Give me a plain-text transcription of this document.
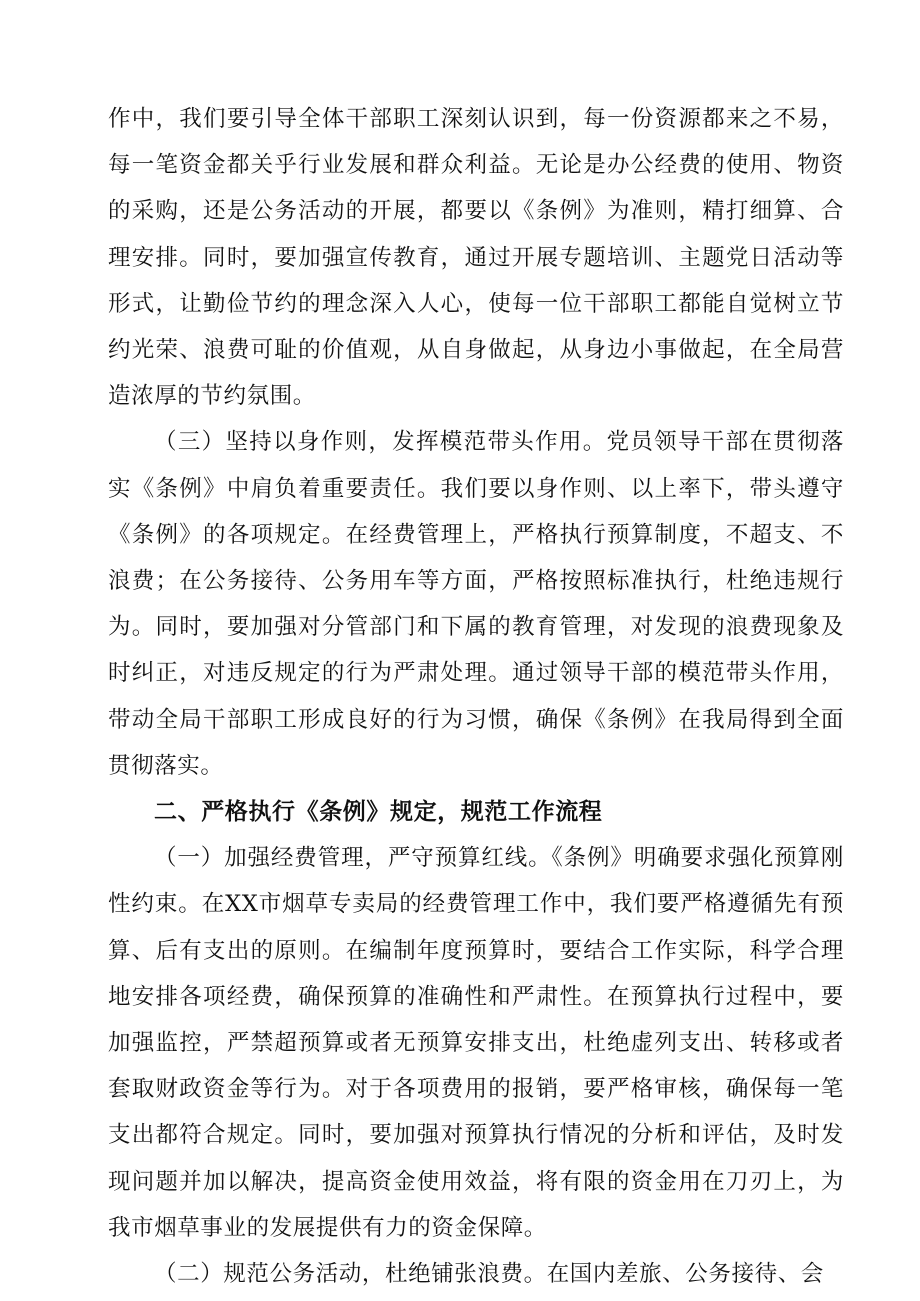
作中，我们要引导全体干部职工深刻认识到，每一份资源都来之不易，每一笔资金都关乎行业发展和群众利益。无论是办公经费的使用、物资的采购，还是公务活动的开展，都要以《条例》为准则，精打细算、合理安排。同时，要加强宣传教育，通过开展专题培训、主题党日活动等形式，让勤俭节约的理念深入人心，使每一位干部职工都能自觉树立节约光荣、浪费可耻的价值观，从自身做起，从身边小事做起，在全局营造浓厚的节约氛围。

（三）坚持以身作则，发挥模范带头作用。党员领导干部在贯彻落实《条例》中肩负着重要责任。我们要以身作则、以上率下，带头遵守《条例》的各项规定。在经费管理上，严格执行预算制度，不超支、不浪费；在公务接待、公务用车等方面，严格按照标准执行，杜绝违规行为。同时，要加强对分管部门和下属的教育管理，对发现的浪费现象及时纠正，对违反规定的行为严肃处理。通过领导干部的模范带头作用，带动全局干部职工形成良好的行为习惯，确保《条例》在我局得到全面贯彻落实。

二、严格执行《条例》规定，规范工作流程

（一）加强经费管理，严守预算红线。《条例》明确要求强化预算刚性约束。在XX市烟草专卖局的经费管理工作中，我们要严格遵循先有预算、后有支出的原则。在编制年度预算时，要结合工作实际，科学合理地安排各项经费，确保预算的准确性和严肃性。在预算执行过程中，要加强监控，严禁超预算或者无预算安排支出，杜绝虚列支出、转移或者套取财政资金等行为。对于各项费用的报销，要严格审核，确保每一笔支出都符合规定。同时，要加强对预算执行情况的分析和评估，及时发现问题并加以解决，提高资金使用效益，将有限的资金用在刀刃上，为我市烟草事业的发展提供有力的资金保障。

（二）规范公务活动，杜绝铺张浪费。在国内差旅、公务接待、会
